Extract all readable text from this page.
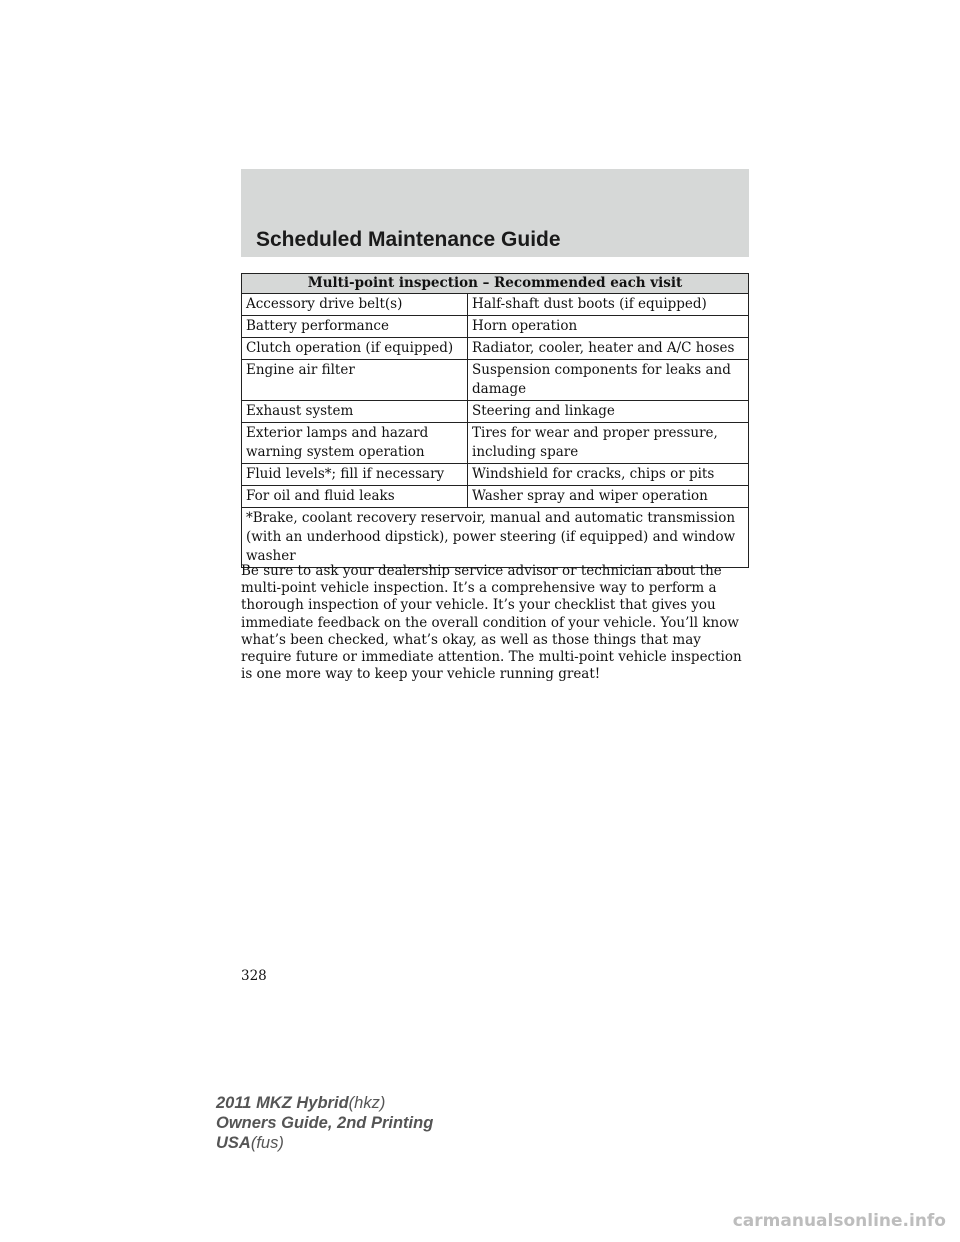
Scheduled Maintenance Guide
Multi-point inspection – Recommended each visit	
Accessory drive belt(s)	Half-shaft dust boots (if equipped)
Battery performance	Horn operation
Clutch operation (if equipped)	Radiator, cooler, heater and A/C hoses
Engine air filter	Suspension components for leaks and damage
Exhaust system	Steering and linkage
Exterior lamps and hazard warning system operation	Tires for wear and proper pressure, including spare
Fluid levels*; fill if necessary	Windshield for cracks, chips or pits
For oil and fluid leaks	Washer spray and wiper operation
*Brake, coolant recovery reservoir, manual and automatic transmission (with an underhood dipstick), power steering (if equipped) and window washer	

Be sure to ask your dealership service advisor or technician about the multi-point vehicle inspection. It’s a comprehensive way to perform a thorough inspection of your vehicle. It’s your checklist that gives you immediate feedback on the overall condition of your vehicle. You’ll know what’s been checked, what’s okay, as well as those things that may require future or immediate attention. The multi-point vehicle inspection is one more way to keep your vehicle running great!

328
2011 MKZ Hybrid(hkz)
Owners Guide, 2nd Printing
USA(fus)
carmanualsonline.info
